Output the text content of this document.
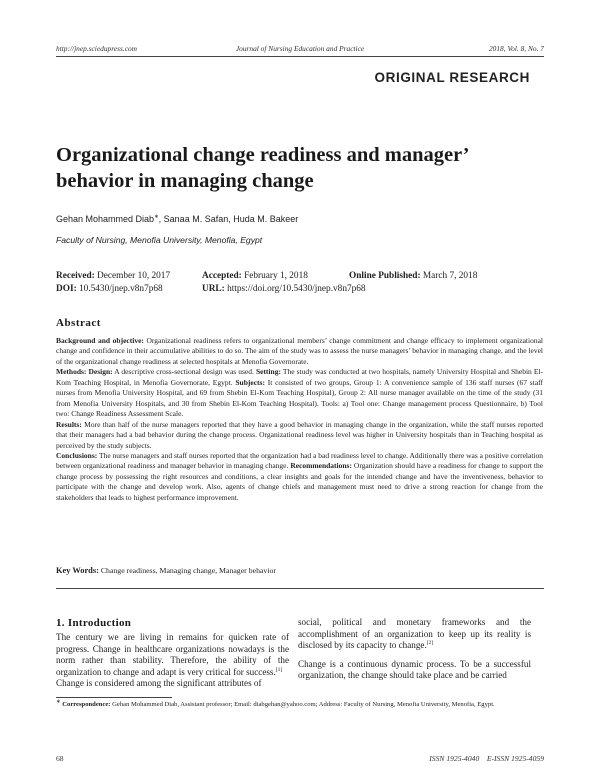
http://jnep.sciedupress.com	Journal of Nursing Education and Practice	2018, Vol. 8, No. 7
ORIGINAL RESEARCH
Organizational change readiness and manager’
behavior in managing change
Gehan Mohammed Diab∗, Sanaa M. Safan, Huda M. Bakeer
Faculty of Nursing, Menofia University, Menofia, Egypt
Received: December 10, 2017	Accepted: February 1, 2018	Online Published: March 7, 2018
DOI: 10.5430/jnep.v8n7p68	URL: https://doi.org/10.5430/jnep.v8n7p68
Abstract

Background and objective: Organizational readiness refers to organizational members’ change commitment and change efficacy to implement organizational change and confidence in their accumulative abilities to do so. The aim of the study was to assess the nurse managers’ behavior in managing change, and the level of the organizational change readiness at selected hospitals at Menofia Governorate.

Methods: Design: A descriptive cross-sectional design was used. Setting: The study was conducted at two hospitals, namely University Hospital and Shebin El-Kom Teaching Hospital, in Menofia Governorate, Egypt. Subjects: It consisted of two groups, Group 1: A convenience sample of 136 staff nurses (67 staff nurses from Menofia University Hospital, and 69 from Shebin El-Kom Teaching Hospital), Group 2: All nurse manager available on the time of the study (31 from Menofia University Hospitals, and 30 from Shebin El-Kom Teaching Hospital). Tools: a) Tool one: Change management process Questionnaire, b) Tool two: Change Readiness Assessment Scale.

Results: More than half of the nurse managers reported that they have a good behavior in managing change in the organization, while the staff nurses reported that their managers had a bad behavior during the change process. Organizational readiness level was higher in University hospitals than in Teaching hospital as perceived by the study subjects.

Conclusions: The nurse managers and staff nurses reported that the organization had a bad readiness level to change. Additionally there was a positive correlation between organizational readiness and manager behavior in managing change. Recommendations: Organization should have a readiness for change to support the change process by possessing the right resources and conditions, a clear insights and goals for the intended change and have the inventiveness, behavior to participate with the change and develop work. Also, agents of change chiefs and management must need to drive a strong reaction for change from the stakeholders that leads to highest performance improvement.

Key Words: Change readiness, Managing change, Manager behavior
1. Introduction

The century we are living in remains for quicken rate of progress. Change in healthcare organizations nowadays is the norm rather than stability. Therefore, the ability of the organization to change and adapt is very critical for success.[1]

Change is considered among the significant attributes of

social, political and monetary frameworks and the accomplishment of an organization to keep up its reality is disclosed by its capacity to change.[2]

Change is a continuous dynamic process. To be a successful organization, the change should take place and be carried

∗ Correspondence: Gehan Mohammed Diab, Assistant professor; Email: diabgehan@yahoo.com; Address: Faculty of Nursing, Menofia University, Menofia, Egypt.
68	ISSN 1925-4040    E-ISSN 1925-4059
